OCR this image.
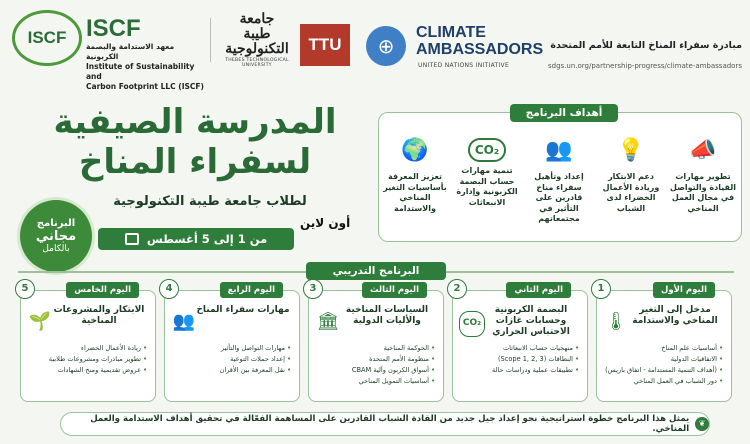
ISCF ISCF
معهد الاستدامة والبصمة الكربونية
Institute of Sustainability and
Carbon Footprint LLC (ISCF)
جامعة
طيبة
التكنولوجية
THEBES TECHNOLOGICAL UNIVERSITY
TTU	⊕
CLIMATE
AMBASSADORS
UNITED NATIONS INITIATIVE
مبادرة سفراء المناخ التابعة للأمم المتحدة
sdgs.un.org/partnership-progress/climate-ambassadors
المدرسة الصيفية
لسفراء المناخ
لطلاب جامعة طيبة التكنولوجية
أون لاين
من 1 إلى 5 أغسطس
البرنامج
مجاني
بالكامل
أهداف البرنامج
📣
تطوير مهارات القيادة والتواصل في مجال العمل المناخي
💡
دعم الابتكار وريادة الأعمال الخضراء لدى الشباب
👥
إعداد وتأهيل سفراء مناخ قادرين على التأثير في مجتمعاتهم
CO₂
تنمية مهارات حساب البصمة الكربونية وإدارة الانبعاثات
🌍
تعزيز المعرفة بأساسيات التغير المناخي والاستدامة
البرنامج التدريبي
اليوم الأول
1
مدخل إلى التغير المناخي والاستدامة
🌡
• أساسيات علم المناخ
• الاتفاقيات الدولية
• (أهداف التنمية المستدامة - اتفاق باريس)
• دور الشباب في العمل المناخي
اليوم الثاني
2
البصمة الكربونية وحسابات غازات الاحتباس الحراري
CO₂
• منهجيات حساب الانبعاثات
• النطاقات (Scope 1, 2, 3)
• تطبيقات عملية ودراسات حالة
اليوم الثالث
3
السياسات المناخية والأليات الدولية
🏛
• الحوكمة المناخية
• منظومة الأمم المتحدة
• أسواق الكربون وآلية CBAM
• أساسيات التمويل المناخي
اليوم الرابع
4
مهارات سفراء المناخ
👥
• مهارات التواصل والتأثير
• إعداد حملات التوعية
• نقل المعرفة بين الأقران
اليوم الخامس
5
الابتكار والمشروعات المناخية
🌱
• ريادة الأعمال الخضراء
• تطوير مبادرات ومشروعات طلابية
• عروض تقديمية ومنح الشهادات
❦
يمثل هذا البرنامج خطوة استراتيجية نحو إعداد جيل جديد من القادة الشباب القادرين على المساهمة الفعّالة في تحقيق أهداف الاستدامة والعمل المناخي.
